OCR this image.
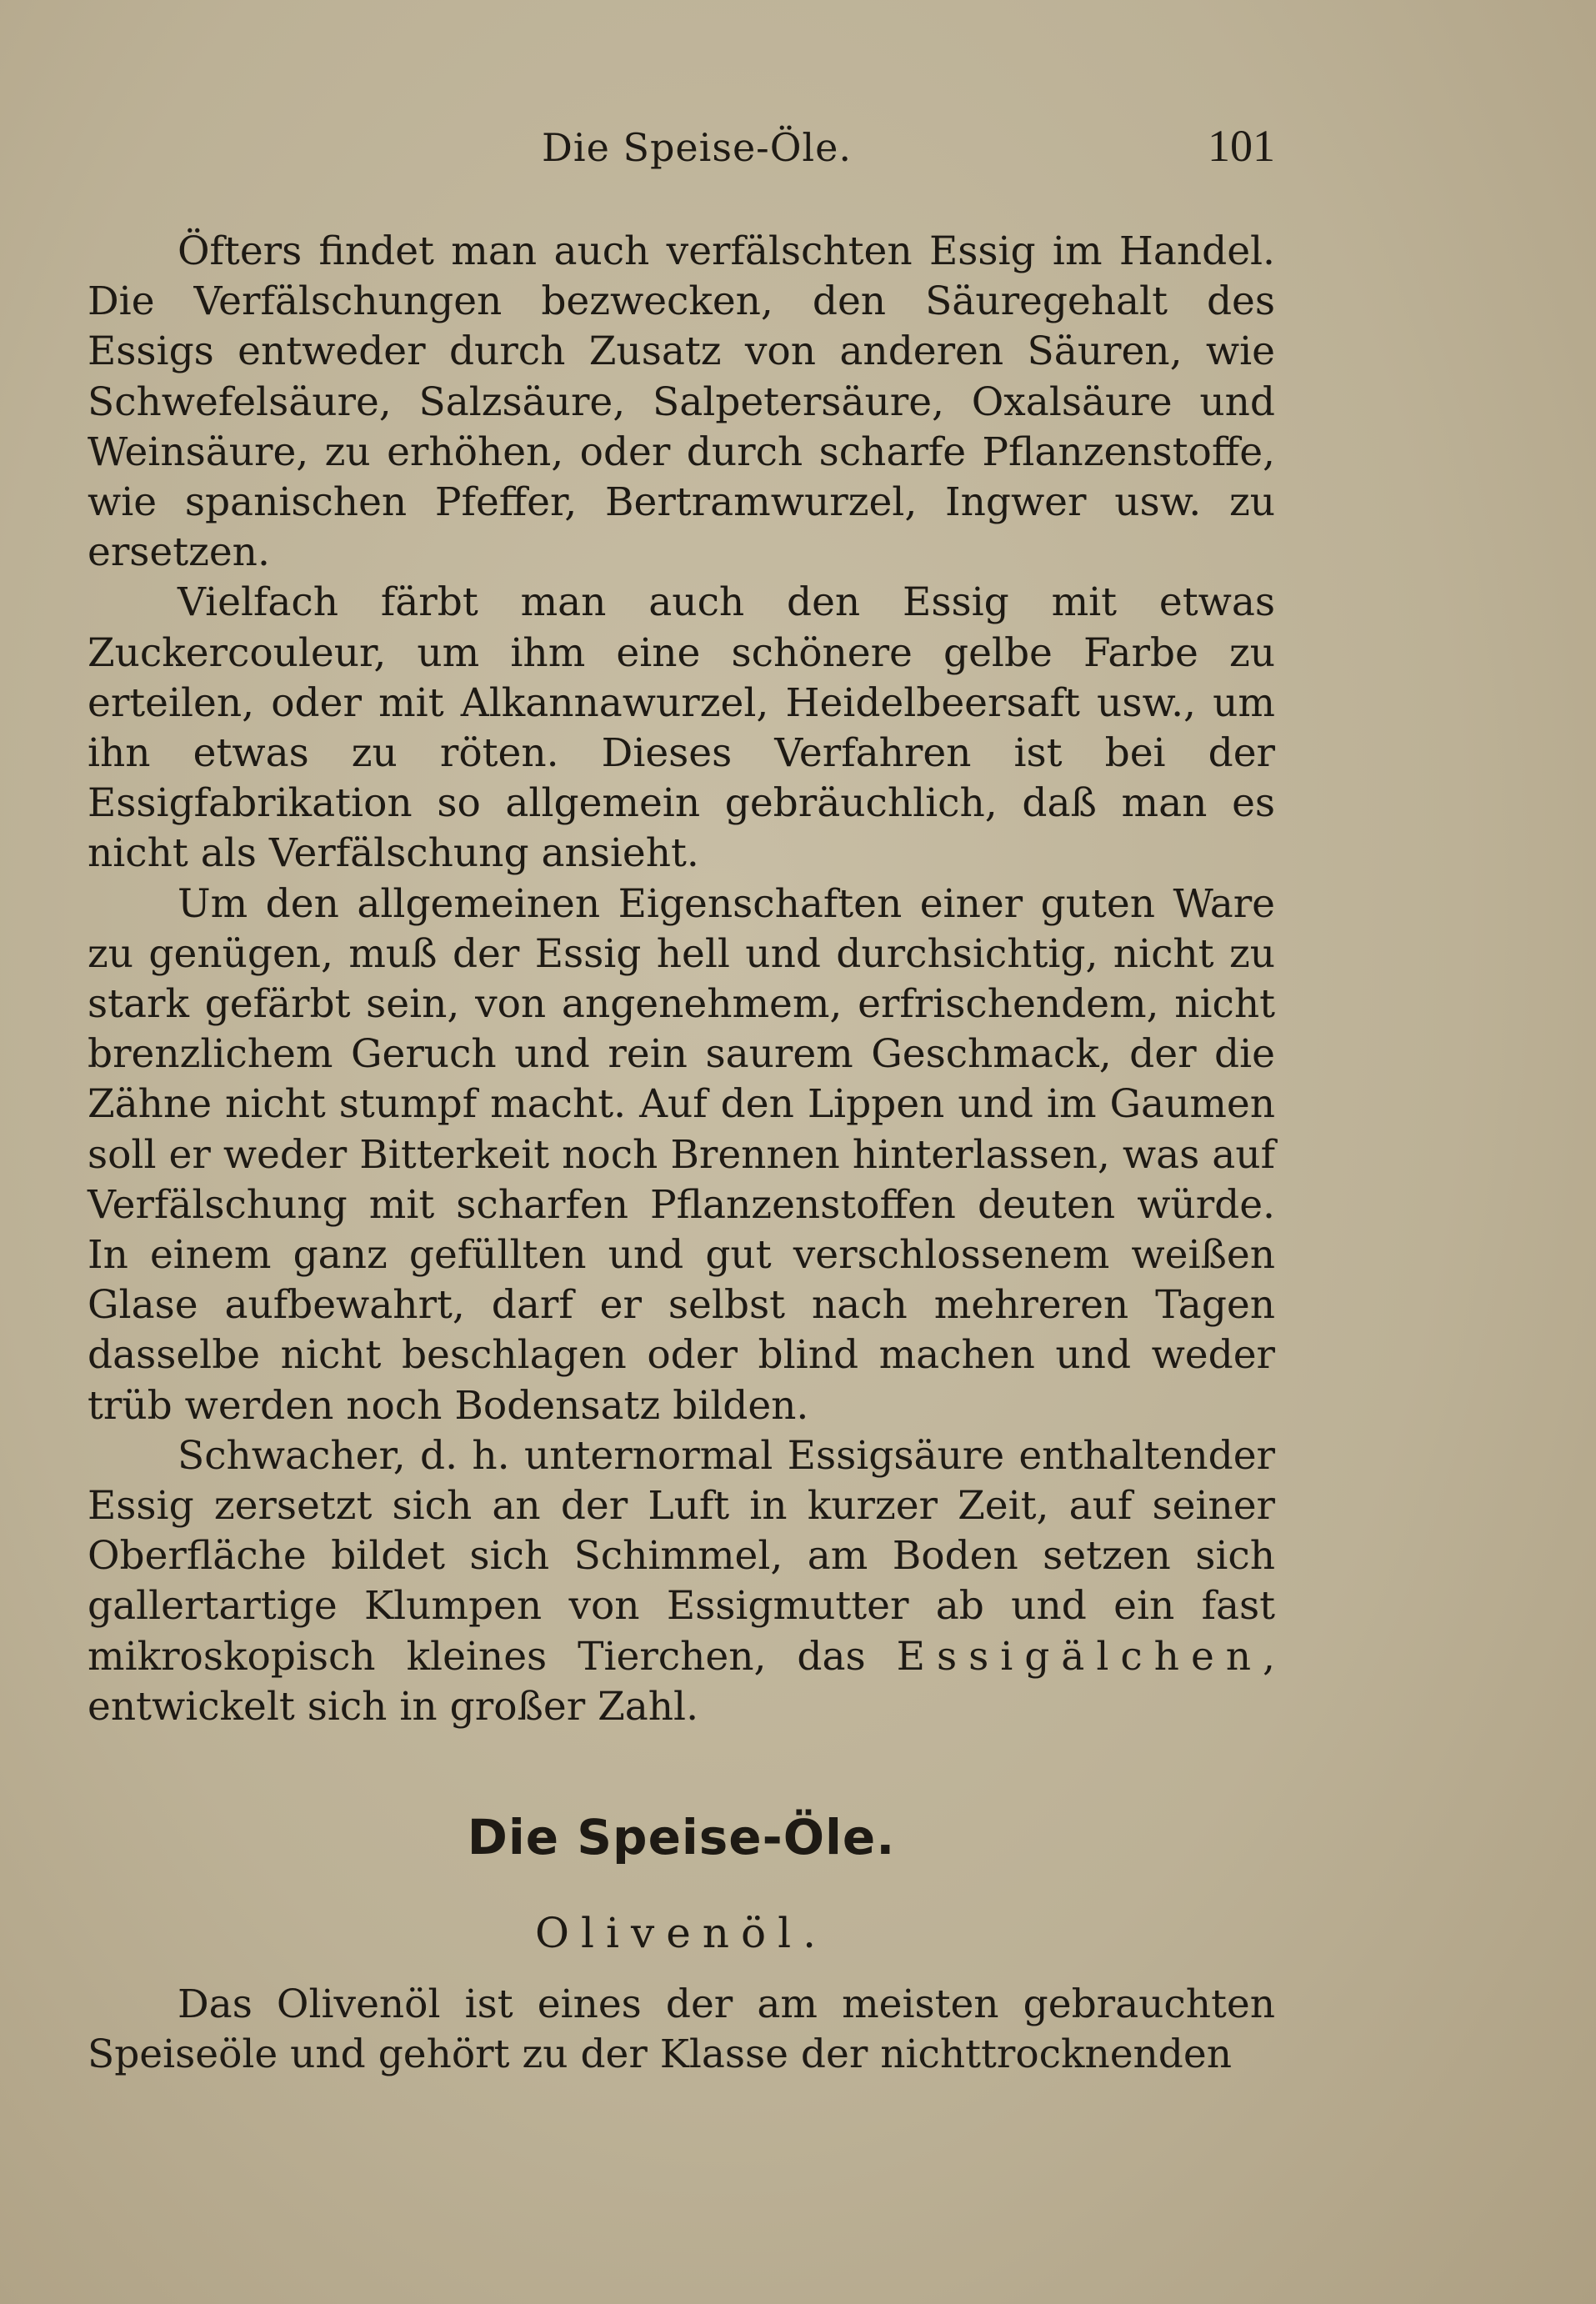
Die Speise-Öle.	101

Öfters findet man auch verfälschten Essig im Handel. Die Verfälschungen bezwecken, den Säuregehalt des Essigs entweder durch Zusatz von anderen Säuren, wie Schwefelsäure, Salzsäure, Salpetersäure, Oxalsäure und Weinsäure, zu erhöhen, oder durch scharfe Pflanzenstoffe, wie spanischen Pfeffer, Bertramwurzel, Ingwer usw. zu ersetzen.

Vielfach färbt man auch den Essig mit etwas Zuckercouleur, um ihm eine schönere gelbe Farbe zu erteilen, oder mit Alkannawurzel, Heidelbeersaft usw., um ihn etwas zu röten. Dieses Verfahren ist bei der Essigfabrikation so allgemein gebräuchlich, daß man es nicht als Verfälschung ansieht.

Um den allgemeinen Eigenschaften einer guten Ware zu genügen, muß der Essig hell und durchsichtig, nicht zu stark gefärbt sein, von angenehmem, erfrischendem, nicht brenzlichem Geruch und rein saurem Geschmack, der die Zähne nicht stumpf macht. Auf den Lippen und im Gaumen soll er weder Bitterkeit noch Brennen hinterlassen, was auf Verfälschung mit scharfen Pflanzenstoffen deuten würde. In einem ganz gefüllten und gut verschlossenem weißen Glase aufbewahrt, darf er selbst nach mehreren Tagen dasselbe nicht beschlagen oder blind machen und weder trüb werden noch Bodensatz bilden.

Schwacher, d. h. unternormal Essigsäure enthaltender Essig zersetzt sich an der Luft in kurzer Zeit, auf seiner Oberfläche bildet sich Schimmel, am Boden setzen sich gallertartige Klumpen von Essigmutter ab und ein fast mikroskopisch kleines Tierchen, das Essigälchen, entwickelt sich in großer Zahl.

Die Speise-Öle.
Olivenöl.

Das Olivenöl ist eines der am meisten gebrauchten Speiseöle und gehört zu der Klasse der nichttrocknenden
